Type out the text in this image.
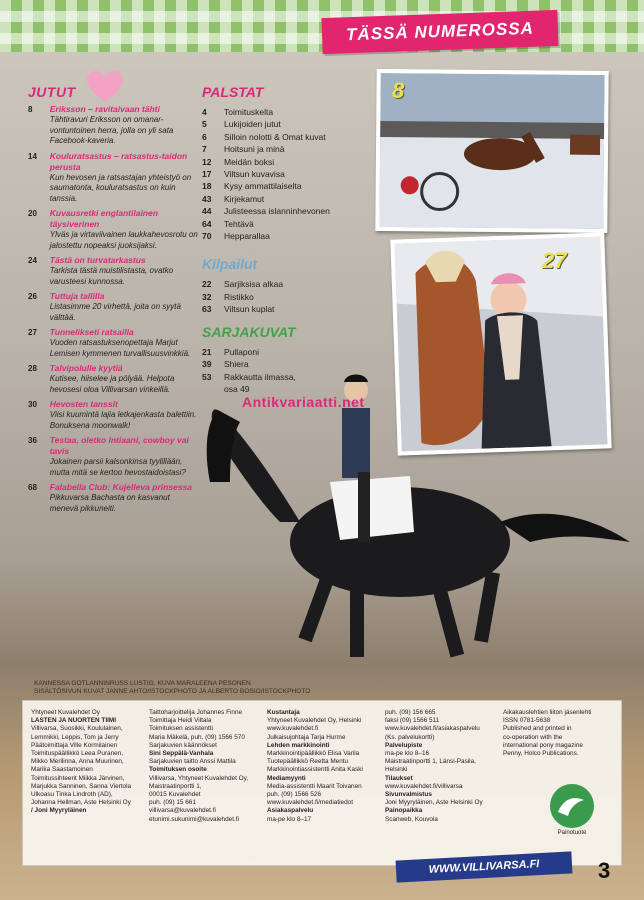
TÄSSÄ NUMEROSSA
JUTUT
8	Eriksson – ravitaivaan tähti
Tähtiravuri Eriksson on omanar-vontuntoinen herra, jolla on yli sata Facebook-kaveria.
14	Kouluratsastus – ratsastus-taidon perusta
Kun hevosen ja ratsastajan yhteistyö on saumatonta, kouluratsastus on kuin tanssia.
20	Kuvausretki englantilainen täysiverinen
Ylväs ja virtaviivainen laukkahevosrotu on jalostettu nopeaksi juoksijaksi.
24	Tästä on turvatarkastus
Tarkista tästä muistilistasta, ovatko varusteesi kunnossa.
26	Tuttuja tallilla
Listasimme 20 virhettä, joita on syytä välttää.
27	Tunnelikseti ratsailla
Vuoden ratsastuksenopettaja Marjut Lemisen kymmenen turvallisuusvinkkiä.
28	Talvipolulle kyytiä
Kutisee, hiiselee ja pölyää. Helpota hevosesi oloa Villivarsan vinkeillä.
30	Hevosten tanssit
Viisi kuumintä lajia letkajenkasta balettiin. Bonuksena moonwalk!
36	Testaa, oletko Intiaani, cowboy vai tavis
Jokainen parsii kalsonkinsa tyylillään, mutta mitä se kertoo hevostaidoistasi?
68	Falabella Club: Kujelleva prinsessa
Pikkuvarsa Bachasta on kasvanut menevä pikkuneiti.
PALSTAT
4	Toimituskelta
5	Lukijoiden jutut
6	Silloin nolotti & Omat kuvat
7	Hoitsuni ja minä
12	Meidän boksi
17	Viltsun kuvavisa
18	Kysy ammattilaiselta
43	Kirjekamut
44	Julisteessa islanninhevonen
64	Tehtävä
70	Hepparallaa
Kilpailut
22	Sarjiksisa alkaa
32	Ristikko
63	Viltsun kuplat
SARJAKUVAT
21	Pullaponi
39	Shiera
53	Rakkautta ilmassa,
osa 49
8
27
Antikvariaatti.net
KANNESSA GOTLANNINRUSS LUSTIG, KUVA MARALEENA PESONEN
SISÄLTÖSIVUN KUVAT JANNE AHTO/ISTOCKPHOTO JA ALBERTO BOSIO/ISTOCKPHOTO
Yhtyneet Kuvalehdet Oy
LASTEN JA NUORTEN TIIMI
Villivarsa, Suosikki, Koululainen,
Lemmikki, Leppis, Tom ja Jerry
Päätoimittaja Ville Kormilainen
Toimituspäällikkö Leea Puranen,
Mikko Merilinna, Anna Muurinen,
Marika Saastamoinen
Toimitussihteerit Miikka Järvinen,
Marjukka Sanninen, Sanna Viertola
Ulkoasu Tinka Lindroth (AD),
Johanna Hellman, Aste Helsinki Oy
/ Joni Myyryläinen
Taittoharjoittelija Johannes Finne
Toimittaja Heidi Viltala
Toimituksen assistentti
Maria Mäkelä, puh. (09) 1566 570
Sarjakuvien käännökset
Sini Seppälä-Vanhala
Sarjakuvien taitto Anssi Mattila
Toimituksen osoite
Villivarsa, Yhtyneet Kuvalehdet Oy,
Maistraatinportti 1,
00015 Kuvalehdet
puh. (09) 15 661
villivarsa@kuvalehdet.fi
etunimi.sukunimi@kuvalehdet.fi
Kustantaja
Yhtyneet Kuvalehdet Oy, Helsinki
www.kuvalehdet.fi
Julkaisujohtaja Tarja Hurme
Lehden markkinointi
Markkinointipäällikkö Elisa Varila
Tuotepäällikkö Reetta Mentu
Markkinointiassistentti Anita Kaski
Mediamyynti
Media-assistentti Maarit Toivanen
puh. (09) 1566 526
www.kuvalehdet.fi/mediatiedot
Asiakaspalvelu
ma-pe klo 8–17
puh. (09) 156 665
faksi (09) 1566 511
www.kuvalehdet.fi/asiakaspalvelu
(Ks. palvelukortti)
Palvelupiste
ma-pe klo 8–16
Maistraatinportti 1, Länsi-Pasila,
Helsinki
Tilaukset
www.kuvalehdet.fi/villivarsa
Sivunvalmistus
Joni Myyryläinen, Aste Helsinki Oy
Painopaikka
Scanweb, Kouvola
Aikakauslehtien liiton jäsenlehti
ISSN 0781-5638
Published and printed in
co-operation with the
international pony magazine
Penny, Holco Publications.
Painotuote
WWW.VILLIVARSA.FI	3
